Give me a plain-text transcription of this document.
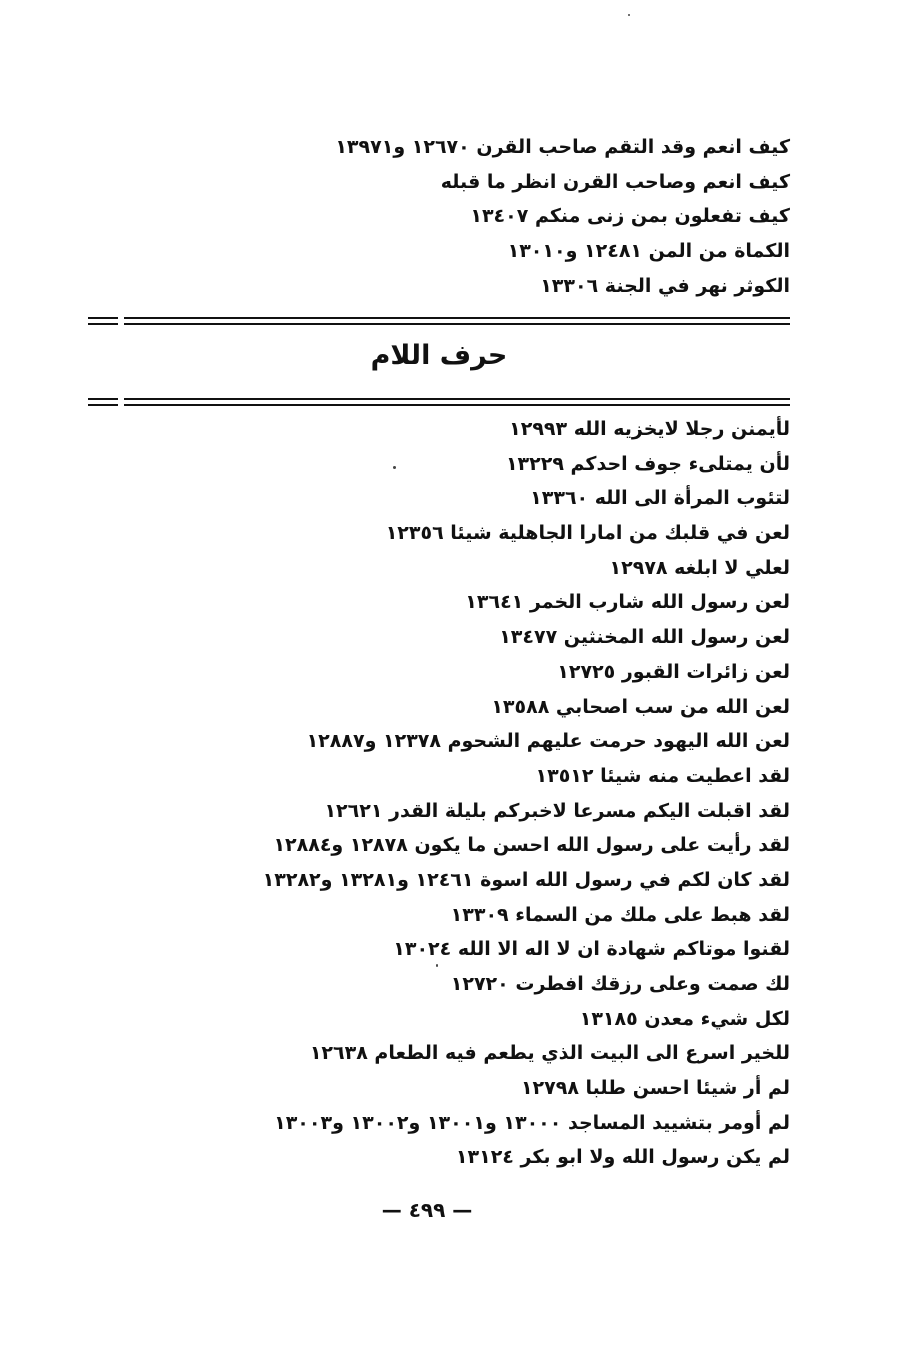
كيف انعم وقد التقم صاحب القرن ١٢٦٧٠ و١٣٩٧١
كيف انعم وصاحب القرن انظر ما قبله
كيف تفعلون بمن زنى منكم ١٣٤٠٧
الكماة من المن ١٢٤٨١ و١٣٠١٠
الكوثر نهر في الجنة ١٣٣٠٦
حرف اللام
لأيمنن رجلا لايخزيه الله ١٢٩٩٣
لأن يمتلىء جوف احدكم ١٣٢٢٩
لتئوب المرأة الى الله ١٣٣٦٠
لعن في قلبك من امارا الجاهلية شيئا ١٢٣٥٦
لعلي لا ابلغه ١٢٩٧٨
لعن رسول الله شارب الخمر ١٣٦٤١
لعن رسول الله المخنثين ١٣٤٧٧
لعن زائرات القبور ١٢٧٢٥
لعن الله من سب اصحابي ١٣٥٨٨
لعن الله اليهود حرمت عليهم الشحوم ١٢٣٧٨ و١٢٨٨٧
لقد اعطيت منه شيئا ١٣٥١٢
لقد اقبلت اليكم مسرعا لاخبركم بليلة القدر ١٢٦٢١
لقد رأيت على رسول الله احسن ما يكون ١٢٨٧٨ و١٢٨٨٤
لقد كان لكم في رسول الله اسوة ١٢٤٦١ و١٣٢٨١ و١٣٢٨٢
لقد هبط على ملك من السماء ١٣٣٠٩
لقنوا موتاكم شهادة ان لا اله الا الله ١٣٠٢٤
لك صمت وعلى رزقك افطرت ١٢٧٢٠
لكل شيء معدن ١٣١٨٥
للخير اسرع الى البيت الذي يطعم فيه الطعام ١٢٦٣٨
لم أر شيئا احسن طلبا ١٢٧٩٨
لم أومر بتشييد المساجد ١٣٠٠٠ و١٣٠٠١ و١٣٠٠٢ و١٣٠٠٣
لم يكن رسول الله ولا ابو بكر ١٣١٢٤
— ٤٩٩ —
